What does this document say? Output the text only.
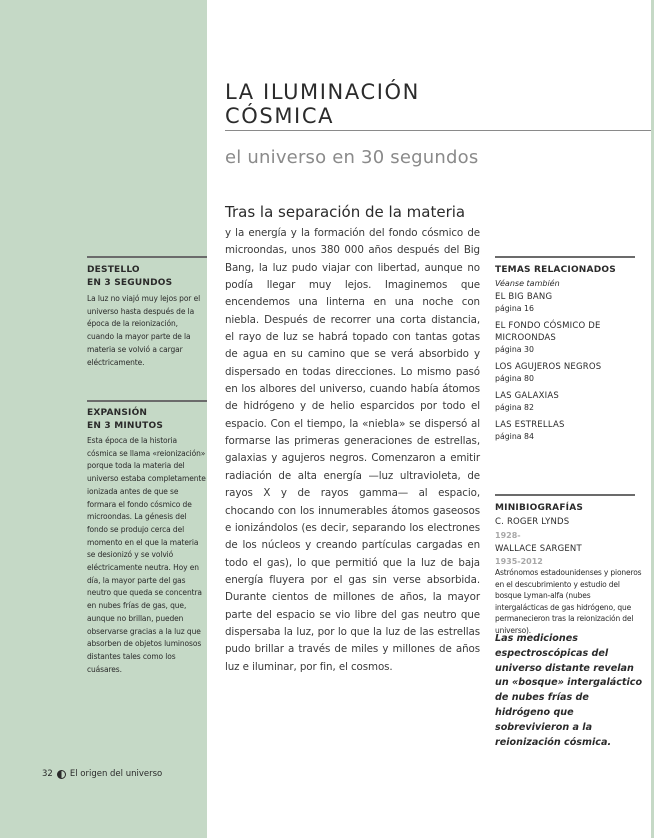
LA ILUMINACIÓN CÓSMICA
el universo en 30 segundos
Tras la separación de la materia
y la energía y la formación del fondo cósmico de microondas, unos 380 000 años después del Big Bang, la luz pudo viajar con libertad, aunque no podía llegar muy lejos. Imaginemos que encendemos una linterna en una noche con niebla. Después de recorrer una corta distancia, el rayo de luz se habrá topado con tantas gotas de agua en su camino que se verá absorbido y dispersado en todas direcciones. Lo mismo pasó en los albores del universo, cuando había átomos de hidrógeno y de helio esparcidos por todo el espacio. Con el tiempo, la «niebla» se dispersó al formarse las primeras generaciones de estrellas, galaxias y agujeros negros. Comenzaron a emitir radiación de alta energía —luz ultravioleta, de rayos X y de rayos gamma— al espacio, chocando con los innumerables átomos gaseosos e ionizándolos (es decir, separando los electrones de los núcleos y creando partículas cargadas en todo el gas), lo que permitió que la luz de baja energía fluyera por el gas sin verse absorbida. Durante cientos de millones de años, la mayor parte del espacio se vio libre del gas neutro que dispersaba la luz, por lo que la luz de las estrellas pudo brillar a través de miles y millones de años luz e iluminar, por fin, el cosmos.
DESTELLO
EN 3 SEGUNDOS
La luz no viajó muy lejos por el universo hasta después de la época de la reionización, cuando la mayor parte de la materia se volvió a cargar eléctricamente.
EXPANSIÓN
EN 3 MINUTOS
Esta época de la historia cósmica se llama «reionización» porque toda la materia del universo estaba completamente ionizada antes de que se formara el fondo cósmico de microondas. La génesis del fondo se produjo cerca del momento en el que la materia se desionizó y se volvió eléctricamente neutra. Hoy en día, la mayor parte del gas neutro que queda se concentra en nubes frías de gas, que, aunque no brillan, pueden observarse gracias a la luz que absorben de objetos luminosos distantes tales como los cuásares.
32 El origen del universo
TEMAS RELACIONADOS
Véanse también
EL BIG BANG
página 16
EL FONDO CÓSMICO DE MICROONDAS
página 30
LOS AGUJEROS NEGROS
página 80
LAS GALAXIAS
página 82
LAS ESTRELLAS
página 84
MINIBIOGRAFÍAS
C. ROGER LYNDS
1928-
WALLACE SARGENT
1935-2012
Astrónomos estadounidenses y pioneros en el descubrimiento y estudio del bosque Lyman-alfa (nubes intergalácticas de gas hidrógeno, que permanecieron tras la reionización del universo).
Las mediciones espectroscópicas del universo distante revelan un «bosque» intergaláctico de nubes frías de hidrógeno que sobrevivieron a la reionización cósmica.
